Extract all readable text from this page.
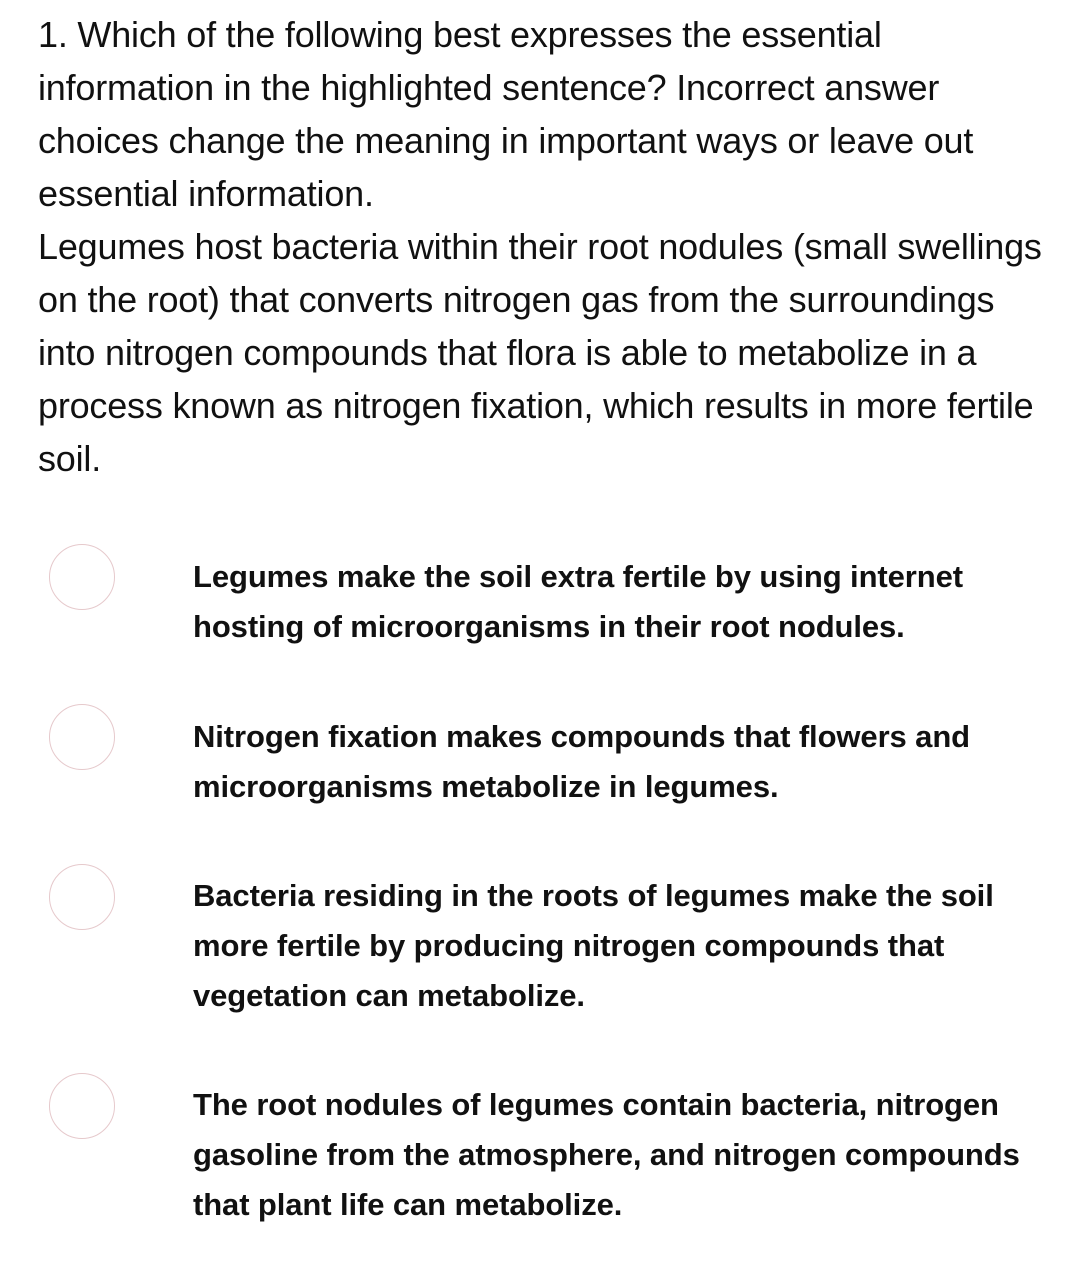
1. Which of the following best expresses the essential information in the highlighted sentence? Incorrect answer choices change the meaning in important ways or leave out essential information.

Legumes host bacteria within their root nodules (small swellings on the root) that converts nitrogen gas from the surroundings into nitrogen compounds that flora is able to metabolize in a process known as nitrogen fixation, which results in more fertile soil.

Legumes make the soil extra fertile by using internet hosting of microorganisms in their root nodules.
Nitrogen fixation makes compounds that flowers and microorganisms metabolize in legumes.
Bacteria residing in the roots of legumes make the soil more fertile by producing nitrogen compounds that vegetation can metabolize.
The root nodules of legumes contain bacteria, nitrogen gasoline from the atmosphere, and nitrogen compounds that plant life can metabolize.
